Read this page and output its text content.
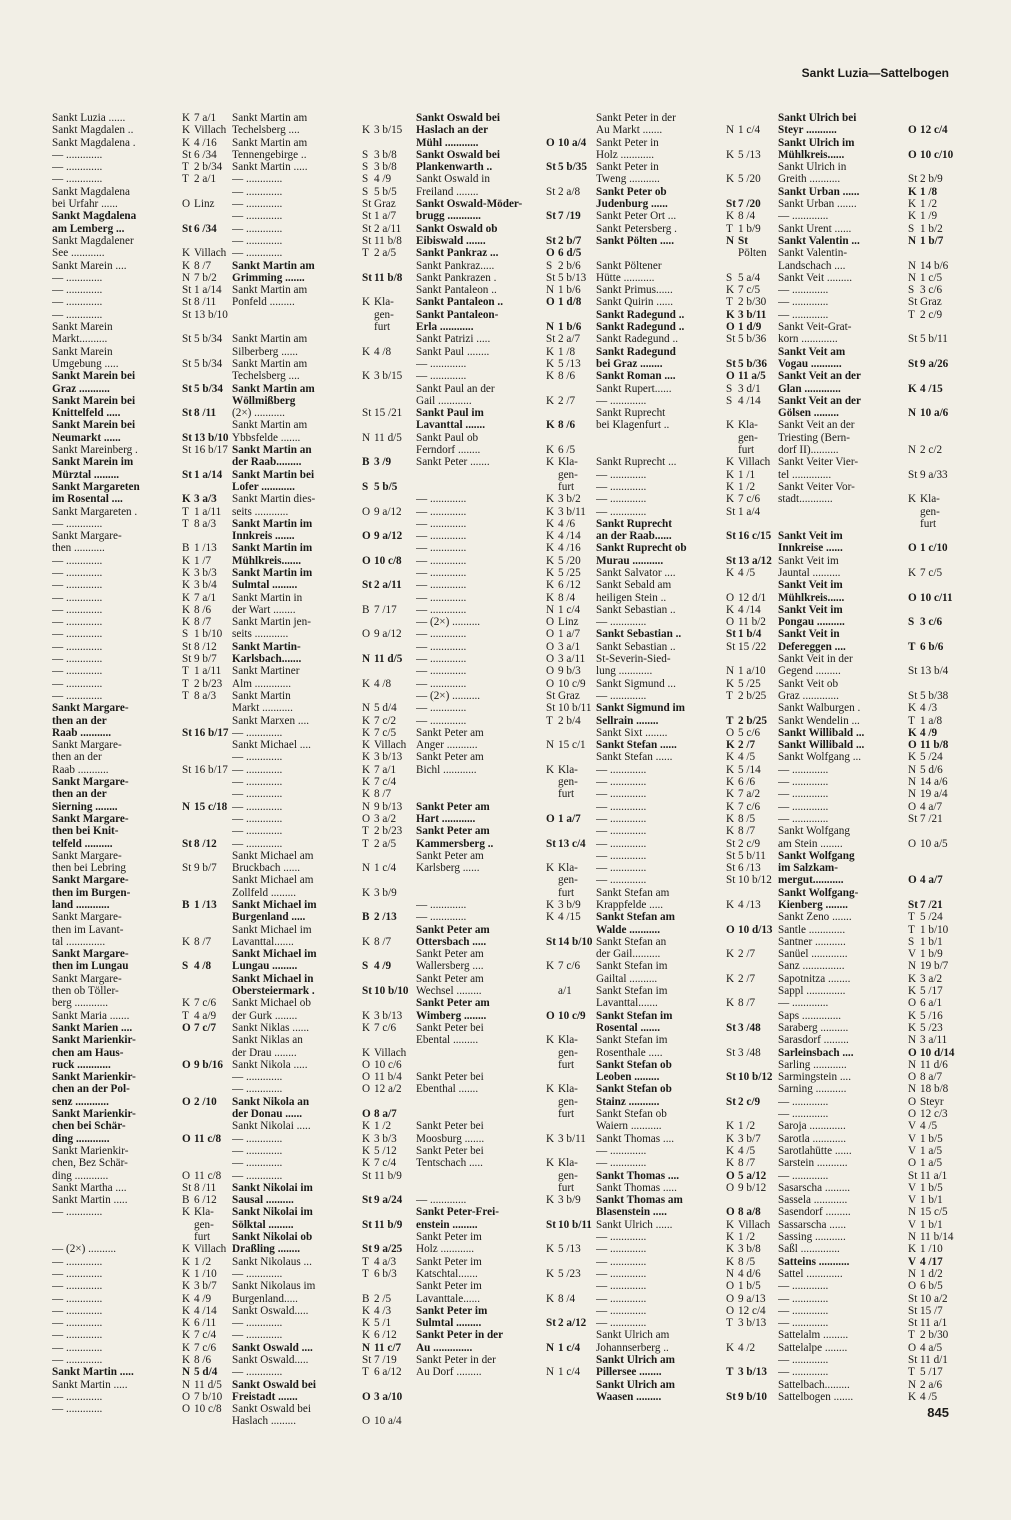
Sankt Luzia—Sattelbogen
Sankt Luzia ......	K 7 a/1
Sankt Magdalen ..	K Villach
Sankt Magdalena .	K 4 /16
— .............	St 6 /34
— .............	T 2 b/34
— .............	T 2 a/1
Sankt Magdalena
bei Urfahr ......	O Linz
Sankt Magdalena
am Lemberg ...	St 6 /34
Sankt Magdalener
See ............	K Villach
Sankt Marein ....	K 8 /7
— .............	N 7 b/2
— .............	St 1 a/14
— .............	St 8 /11
— .............	St 13 b/10
Sankt Marein
Markt..........	St 5 b/34
Sankt Marein
Umgebung .....	St 5 b/34
Sankt Marein bei
Graz ...........	St 5 b/34
Sankt Marein bei
Knittelfeld .....	St 8 /11
Sankt Marein bei
Neumarkt ......	St 13 b/10
Sankt Mareinberg .	St 16 b/17
Sankt Marein im
Mürztal .........	St 1 a/14
Sankt Margareten
im Rosental ....	K 3 a/3
Sankt Margareten .	T 1 a/11
— .............	T 8 a/3
Sankt Margare-
then ...........	B 1 /13
— .............	K 1 /7
— .............	K 3 b/3
— .............	K 3 b/4
— .............	K 7 a/1
— .............	K 8 /6
— .............	K 8 /7
— .............	S 1 b/10
— .............	St 8 /12
— .............	St 9 b/7
— .............	T 1 a/11
— .............	T 2 b/23
— .............	T 8 a/3
Sankt Margare-
then an der
Raab ...........	St 16 b/17
Sankt Margare-
then an der
Raab ...........	St 16 b/17
Sankt Margare-
then an der
Sierning ........	N 15 c/18
Sankt Margare-
then bei Knit-
telfeld ..........	St 8 /12
Sankt Margare-
then bei Lebring	St 9 b/7
Sankt Margare-
then im Burgen-
land ............	B 1 /13
Sankt Margare-
then im Lavant-
tal ..............	K 8 /7
Sankt Margare-
then im Lungau	S 4 /8
Sankt Margare-
then ob Töller-
berg ............	K 7 c/6
Sankt Maria .......	T 4 a/9
Sankt Marien ....	O 7 c/7
Sankt Marienkir-
chen am Haus-
ruck ............	O 9 b/16
Sankt Marienkir-
chen an der Pol-
senz ............	O 2 /10
Sankt Marienkir-
chen bei Schär-
ding ............	O 11 c/8
Sankt Marienkir-
chen, Bez Schär-
ding ............	O 11 c/8
Sankt Martha ....	St 8 /11
Sankt Martin .....	B 6 /12
— .............	K Kla-
gen-
furt
— (2×) ..........	K Villach
— .............	K 1 /2
— .............	K 1 /10
— .............	K 3 b/7
— .............	K 4 /9
— .............	K 4 /14
— .............	K 6 /11
— .............	K 7 c/4
— .............	K 7 c/6
— .............	K 8 /6
Sankt Martin .....	N 5 d/4
Sankt Martin .....	N 11 d/5
— .............	O 7 b/10
— .............	O 10 c/8
Sankt Martin am
Techelsberg ....	K 3 b/15
Sankt Martin am
Tennengebirge ..	S 3 b/8
Sankt Martin .....	S 3 b/8
— .............	S 4 /9
— .............	S 5 b/5
— .............	St Graz
— .............	St 1 a/7
— .............	St 2 a/11
— .............	St 11 b/8
— .............	T 2 a/5
Sankt Martin am
Grimming .......	St 11 b/8
Sankt Martin am
Ponfeld .........	K Kla-
gen-
furt
Sankt Martin am
Silberberg ......	K 4 /8
Sankt Martin am
Techelsberg ....	K 3 b/15
Sankt Martin am
Wöllmißberg
(2×) ...........	St 15 /21
Sankt Martin am
Ybbsfelde .......	N 11 d/5
Sankt Martin an
der Raab.........	B 3 /9
Sankt Martin bei
Lofer ............	S 5 b/5
Sankt Martin dies-
seits ............	O 9 a/12
Sankt Martin im
Innkreis .......	O 9 a/12
Sankt Martin im
Mühlkreis.......	O 10 c/8
Sankt Martin im
Sulmtal .........	St 2 a/11
Sankt Martin in
der Wart ........	B 7 /17
Sankt Martin jen-
seits ............	O 9 a/12
Sankt Martin-
Karlsbach.......	N 11 d/5
Sankt Martiner
Alm .............	K 4 /8
Sankt Martin
Markt ...........	N 5 d/4
Sankt Marxen ....	K 7 c/2
— .............	K 7 c/5
Sankt Michael ....	K Villach
— .............	K 3 b/13
— .............	K 7 a/1
— .............	K 7 c/4
— .............	K 8 /7
— .............	N 9 b/13
— .............	O 3 a/2
— .............	T 2 b/23
— .............	T 2 a/5
Sankt Michael am
Bruckbach ......	N 1 c/4
Sankt Michael am
Zollfeld .........	K 3 b/9
Sankt Michael im
Burgenland .....	B 2 /13
Sankt Michael im
Lavanttal.......	K 8 /7
Sankt Michael im
Lungau .........	S 4 /9
Sankt Michael in
Obersteiermark .	St 10 b/10
Sankt Michael ob
der Gurk ........	K 3 b/13
Sankt Niklas ......	K 7 c/6
Sankt Niklas an
der Drau ........	K Villach
Sankt Nikola .....	O 10 c/6
— .............	O 11 b/4
— .............	O 12 a/2
Sankt Nikola an
der Donau ......	O 8 a/7
Sankt Nikolai .....	K 1 /2
— .............	K 3 b/3
— .............	K 5 /12
— .............	K 7 c/4
— .............	St 11 b/9
Sankt Nikolai im
Sausal ..........	St 9 a/24
Sankt Nikolai im
Sölktal .........	St 11 b/9
Sankt Nikolai ob
Draßling ........	St 9 a/25
Sankt Nikolaus ...	T 4 a/3
— .............	T 6 b/3
Sankt Nikolaus im
Burgenland.....	B 2 /5
Sankt Oswald.....	K 4 /3
— .............	K 5 /1
— .............	K 6 /12
Sankt Oswald ....	N 11 c/7
Sankt Oswald.....	St 7 /19
— .............	T 6 a/12
Sankt Oswald bei
Freistadt .......	O 3 a/10
Sankt Oswald bei
Haslach .........	O 10 a/4
Sankt Oswald bei
Haslach an der
Mühl ............	O 10 a/4
Sankt Oswald bei
Plankenwarth ..	St 5 b/35
Sankt Oswald in
Freiland ........	St 2 a/8
Sankt Oswald-Möder-
brugg ............	St 7 /19
Sankt Oswald ob
Eibiswald .......	St 2 b/7
Sankt Pankraz ...	O 6 d/5
Sankt Pankraz.....	S 2 b/6
Sankt Pankrazen .	St 5 b/13
Sankt Pantaleon ..	N 1 b/6
Sankt Pantaleon ..	O 1 d/8
Sankt Pantaleon-
Erla ............	N 1 b/6
Sankt Patrizi .....	St 2 a/7
Sankt Paul ........	K 1 /8
— .............	K 5 /13
— .............	K 8 /6
Sankt Paul an der
Gail ............	K 2 /7
Sankt Paul im
Lavanttal .......	K 8 /6
Sankt Paul ob
Ferndorf ........	K 6 /5
Sankt Peter .......	K Kla-
gen-
furt
— .............	K 3 b/2
— .............	K 3 b/11
— .............	K 4 /6
— .............	K 4 /14
— .............	K 4 /16
— .............	K 5 /20
— .............	K 5 /25
— .............	K 6 /12
— .............	K 8 /4
— .............	N 1 c/4
— (2×) ..........	O Linz
— .............	O 1 a/7
— .............	O 3 a/1
— .............	O 3 a/11
— .............	O 9 b/3
— .............	O 10 c/9
— (2×) ..........	St Graz
— .............	St 10 b/11
— .............	T 2 b/4
Sankt Peter am
Anger ...........	N 15 c/1
Sankt Peter am
Bichl ............	K Kla-
gen-
furt
Sankt Peter am
Hart ............	O 1 a/7
Sankt Peter am
Kammersberg ..	St 13 c/4
Sankt Peter am
Karlsberg ......	K Kla-
gen-
furt
— .............	K 3 b/9
— .............	K 4 /15
Sankt Peter am
Ottersbach .....	St 14 b/10
Sankt Peter am
Wallersberg ....	K 7 c/6
Sankt Peter am
Wechsel .........	a/1
Sankt Peter am
Wimberg ........	O 10 c/9
Sankt Peter bei
Ebental .........	K Kla-
gen-
furt
Sankt Peter bei
Ebenthal .......	K Kla-
gen-
furt
Sankt Peter bei
Moosburg .......	K 3 b/11
Sankt Peter bei
Tentschach .....	K Kla-
gen-
furt
— .............	K 3 b/9
Sankt Peter-Frei-
enstein .........	St 10 b/11
Sankt Peter im
Holz ............	K 5 /13
Sankt Peter im
Katschtal.......	K 5 /23
Sankt Peter im
Lavanttale......	K 8 /4
Sankt Peter im
Sulmtal .........	St 2 a/12
Sankt Peter in der
Au ..............	N 1 c/4
Sankt Peter in der
Au Dorf .........	N 1 c/4
Sankt Peter in der
Au Markt .......	N 1 c/4
Sankt Peter in
Holz ............	K 5 /13
Sankt Peter in
Tweng ...........	K 5 /20
Sankt Peter ob
Judenburg ......	St 7 /20
Sankt Peter Ort ...	K 8 /4
Sankt Petersberg .	T 1 b/9
Sankt Pölten .....	N St
Pölten
Sankt Pöltener
Hütte ...........	S 5 a/4
Sankt Primus......	K 7 c/5
Sankt Quirin ......	T 2 b/30
Sankt Radegund ..	K 3 b/11
Sankt Radegund ..	O 1 d/9
Sankt Radegund ..	St 5 b/36
Sankt Radegund
bei Graz ........	St 5 b/36
Sankt Roman ....	O 11 a/5
Sankt Rupert......	S 3 d/1
— .............	S 4 /14
Sankt Ruprecht
bei Klagenfurt ..	K Kla-
gen-
furt
Sankt Ruprecht ...	K Villach
— .............	K 1 /1
— .............	K 1 /2
— .............	K 7 c/6
— .............	St 1 a/4
Sankt Ruprecht
an der Raab......	St 16 c/15
Sankt Ruprecht ob
Murau ...........	St 13 a/12
Sankt Salvator ....	K 4 /5
Sankt Sebald am
heiligen Stein ..	O 12 d/1
Sankt Sebastian ..	K 4 /14
— .............	O 11 b/2
Sankt Sebastian ..	St 1 b/4
Sankt Sebastian ..	St 15 /22
St-Severin-Sied-
lung ............	N 1 a/10
Sankt Sigmund ...	K 5 /25
— .............	T 2 b/25
Sankt Sigmund im
Sellrain ........	T 2 b/25
Sankt Sixt ........	O 5 c/6
Sankt Stefan ......	K 2 /7
Sankt Stefan ......	K 4 /5
— .............	K 5 /14
— .............	K 6 /6
— .............	K 7 a/2
— .............	K 7 c/6
— .............	K 8 /5
— .............	K 8 /7
— .............	St 2 c/9
— .............	St 5 b/11
— .............	St 6 /13
— .............	St 10 b/12
Sankt Stefan am
Krappfelde .....	K 4 /13
Sankt Stefan am
Walde ...........	O 10 d/13
Sankt Stefan an
der Gail..........	K 2 /7
Sankt Stefan im
Gailtal ..........	K 2 /7
Sankt Stefan im
Lavanttal.......	K 8 /7
Sankt Stefan im
Rosental .......	St 3 /48
Sankt Stefan im
Rosenthale .....	St 3 /48
Sankt Stefan ob
Leoben .........	St 10 b/12
Sankt Stefan ob
Stainz ...........	St 2 c/9
Sankt Stefan ob
Waiern ...........	K 1 /2
Sankt Thomas ....	K 3 b/7
— .............	K 4 /5
— .............	K 8 /7
Sankt Thomas ....	O 5 a/12
Sankt Thomas .....	O 9 b/12
Sankt Thomas am
Blasenstein .....	O 8 a/8
Sankt Ulrich ......	K Villach
— .............	K 1 /2
— .............	K 3 b/8
— .............	K 8 /5
— .............	N 4 d/6
— .............	O 1 b/5
— .............	O 9 a/13
— .............	O 12 c/4
— .............	T 3 b/13
Sankt Ulrich am
Johannserberg ..	K 4 /2
Sankt Ulrich am
Pillersee ........	T 3 b/13
Sankt Ulrich am
Waasen .........	St 9 b/10
Sankt Ulrich bei
Steyr ...........	O 12 c/4
Sankt Ulrich im
Mühlkreis......	O 10 c/10
Sankt Ulrich in
Greith ...........	St 2 b/9
Sankt Urban ......	K 1 /8
Sankt Urban .......	K 1 /2
— .............	K 1 /9
Sankt Urent ......	S 1 b/2
Sankt Valentin ...	N 1 b/7
Sankt Valentin-
Landschach ....	N 14 b/6
Sankt Veit .........	N 1 c/5
— .............	S 3 c/6
— .............	St Graz
— .............	T 2 c/9
Sankt Veit-Grat-
korn .............	St 5 b/11
Sankt Veit am
Vogau ...........	St 9 a/26
Sankt Veit an der
Glan .............	K 4 /15
Sankt Veit an der
Gölsen .........	N 10 a/6
Sankt Veit an der
Triesting (Bern-
dorf II)..........	N 2 c/2
Sankt Veiter Vier-
tel ..............	St 9 a/33
Sankt Veiter Vor-
stadt............	K Kla-
gen-
furt
Sankt Veit im
Innkreise ......	O 1 c/10
Sankt Veit im
Jauntal ..........	K 7 c/5
Sankt Veit im
Mühlkreis......	O 10 c/11
Sankt Veit im
Pongau ..........	S 3 c/6
Sankt Veit in
Defereggen ....	T 6 b/6
Sankt Veit in der
Gegend .........	St 13 b/4
Sankt Veit ob
Graz .............	St 5 b/38
Sankt Walburgen .	K 4 /3
Sankt Wendelin ...	T 1 a/8
Sankt Willibald ...	K 4 /9
Sankt Willibald ...	O 11 b/8
Sankt Wolfgang ...	K 5 /24
— .............	N 5 d/6
— .............	N 14 a/6
— .............	N 19 a/4
— .............	O 4 a/7
— .............	St 7 /21
Sankt Wolfgang
am Stein ........	O 10 a/5
Sankt Wolfgang
im Salzkam-
mergut...........	O 4 a/7
Sankt Wolfgang-
Kienberg ........	St 7 /21
Sankt Zeno .......	T 5 /24
Santle .............	T 1 b/10
Santner ...........	S 1 b/1
Sanüel .............	V 1 b/9
Sanz ...............	N 19 b/7
Sapotnitza ........	K 3 a/2
Sappl ..............	K 5 /17
— .............	O 6 a/1
Saps ..............	K 5 /16
Saraberg ..........	K 5 /23
Sarasdorf .........	N 3 a/11
Sarleinsbach ....	O 10 d/14
Sarling ............	N 11 d/6
Sarmingstein ....	O 8 a/7
Sarning ...........	N 18 b/8
— .............	O Steyr
— .............	O 12 c/3
Saroja .............	V 4 /5
Sarotla ............	V 1 b/5
Sarotlahütte ......	V 1 a/5
Sarstein ...........	O 1 a/5
— .............	St 11 a/1
Sasarscha .........	V 1 b/5
Sassela ............	V 1 b/1
Sasendorf .........	N 15 c/5
Sassarscha ......	V 1 b/1
Sassing ...........	N 11 b/14
Saßl ..............	K 1 /10
Satteins ...........	V 4 /17
Sattel .............	N 1 d/2
— .............	O 6 b/5
— .............	St 10 a/2
— .............	St 15 /7
— .............	St 11 a/1
Sattelalm .........	T 2 b/30
Sattelalpe ........	O 4 a/5
— .............	St 11 d/1
— .............	T 5 /17
Sattelbach.........	N 2 a/6
Sattelbogen .......	K 4 /5
845
